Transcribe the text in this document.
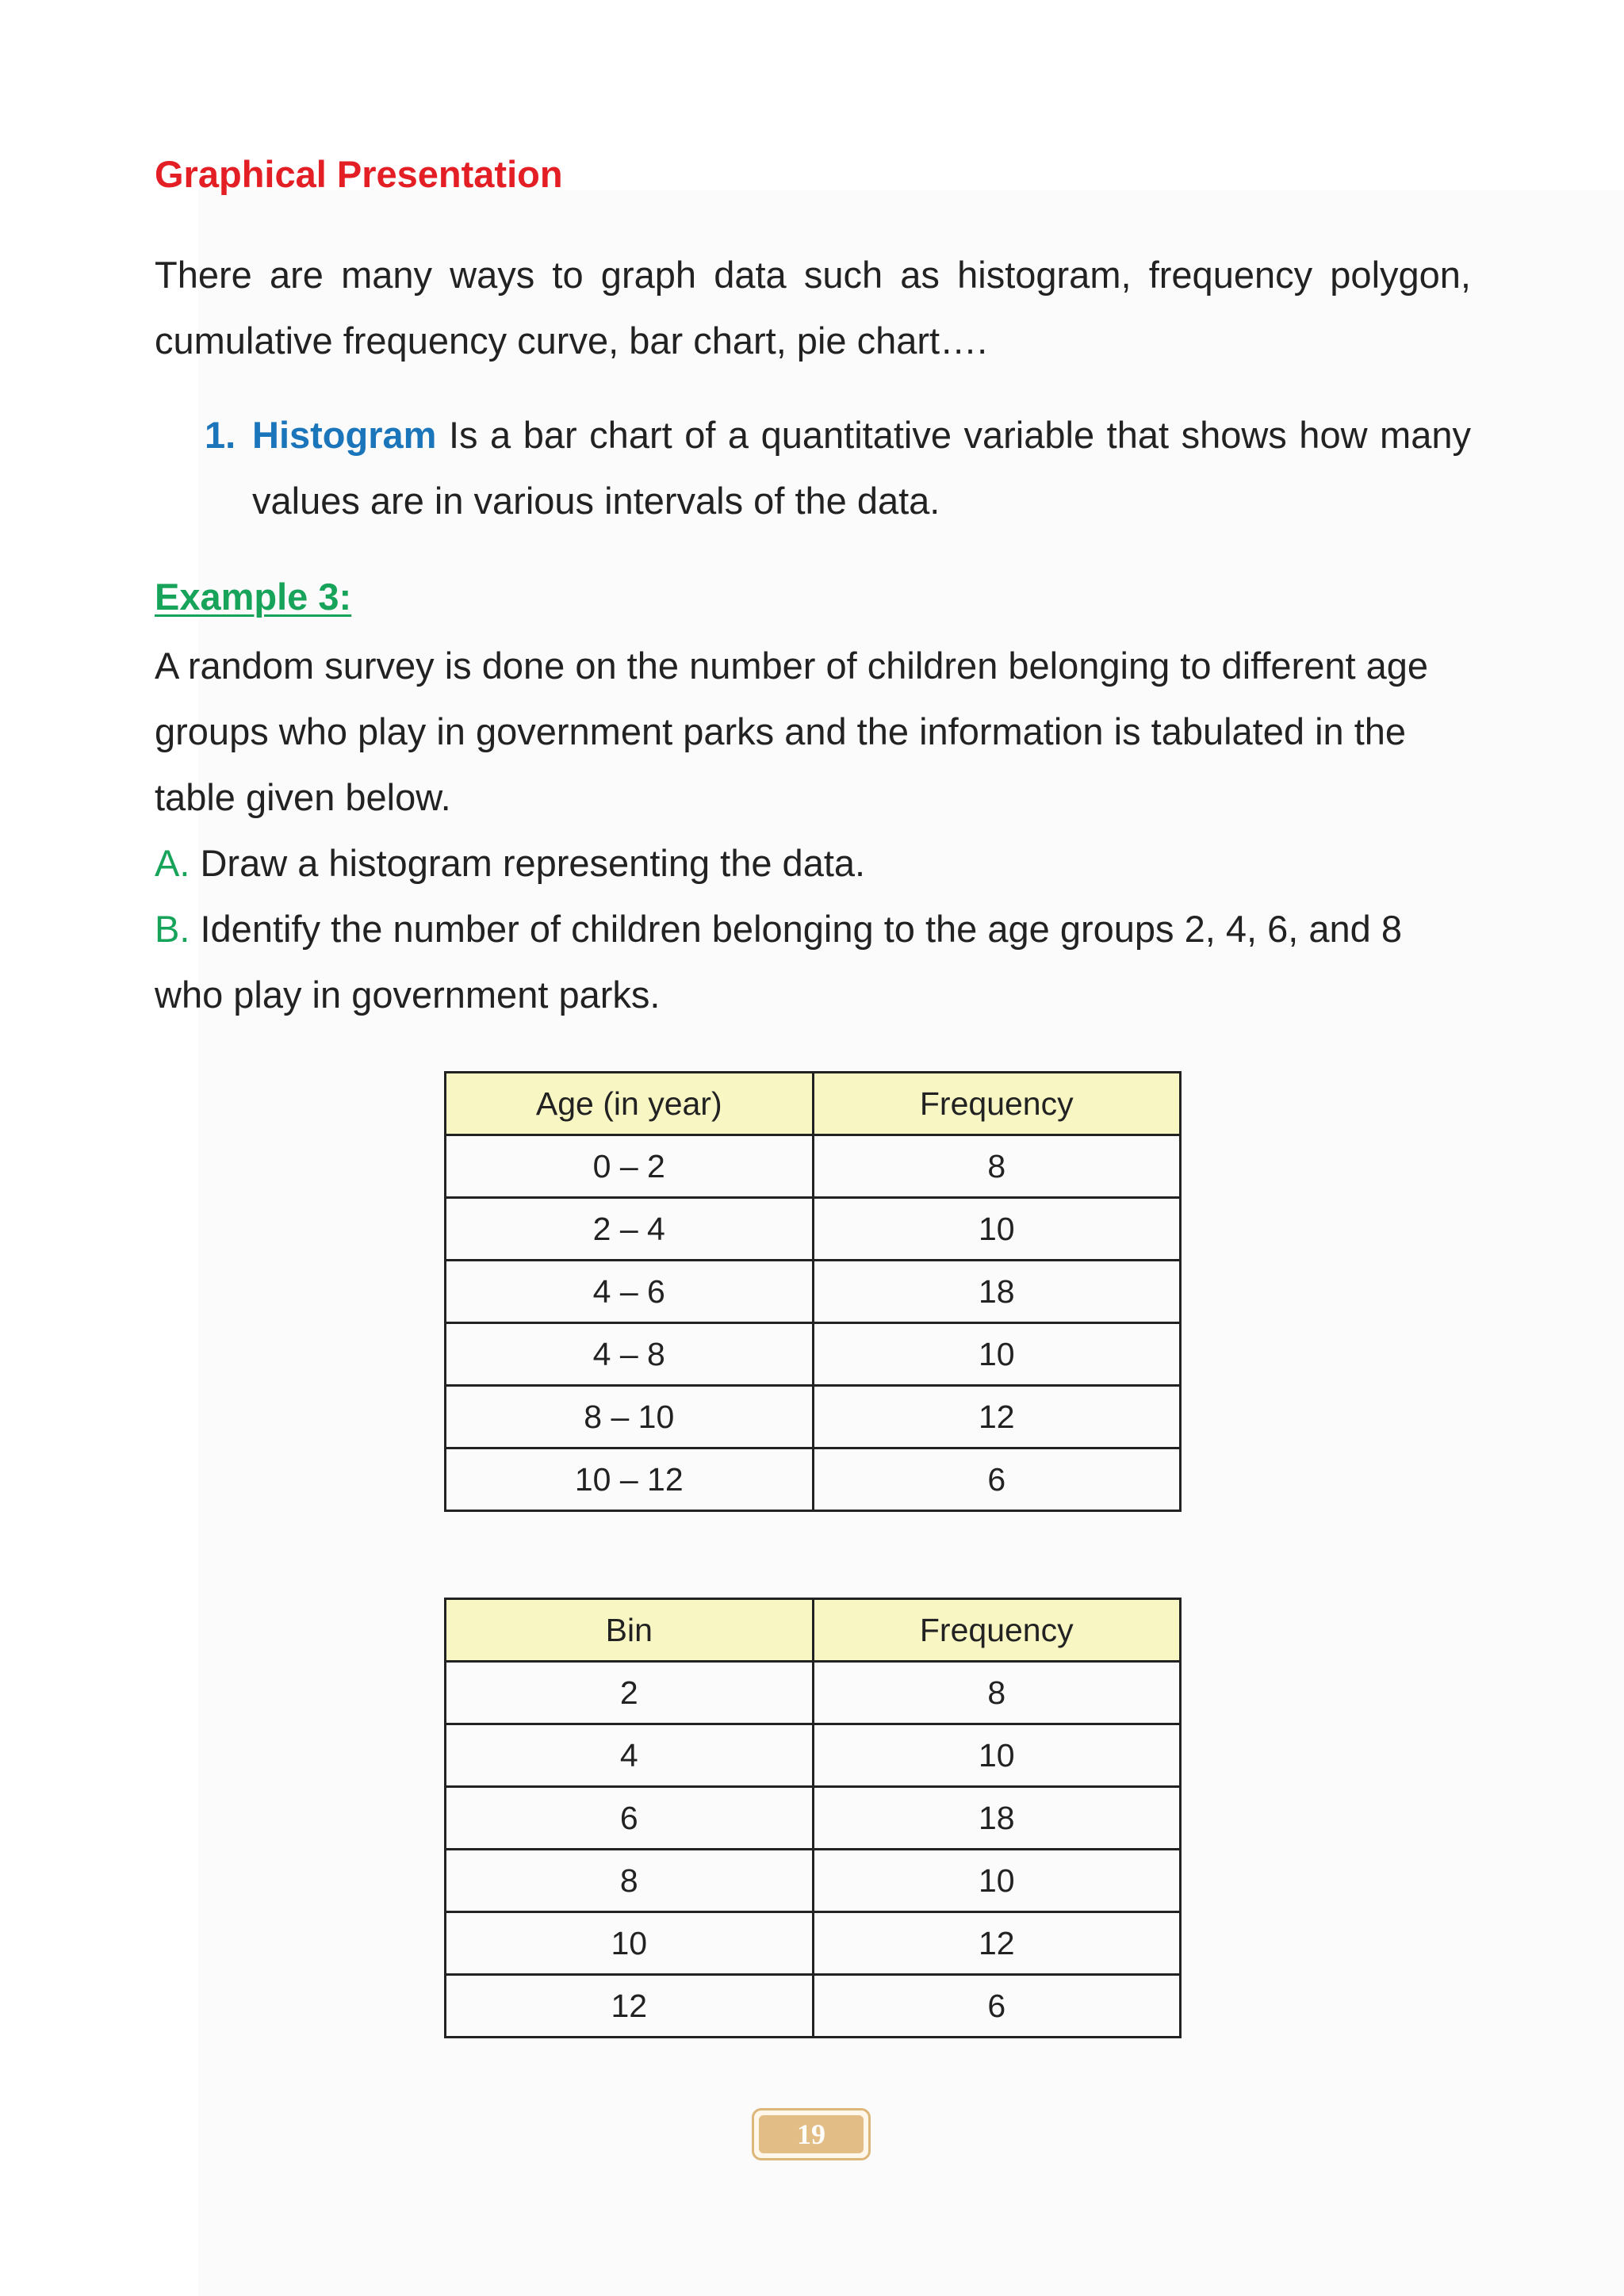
Graphical Presentation

There are many ways to graph data such as histogram, frequency polygon, cumulative frequency curve, bar chart, pie chart….

1. Histogram Is a bar chart of a quantitative variable that shows how many values are in various intervals of the data.
Example 3:

A random survey is done on the number of children belonging to different age groups who play in government parks and the information is tabulated in the table given below.

A. Draw a histogram representing the data.

B. Identify the number of children belonging to the age groups 2, 4, 6, and 8 who play in government parks.

Age (in year)	Frequency
0 – 2	8
2 – 4	10
4 – 6	18
4 – 8	10
8 – 10	12
10 – 12	6
Bin	Frequency
2	8
4	10
6	18
8	10
10	12
12	6
19
